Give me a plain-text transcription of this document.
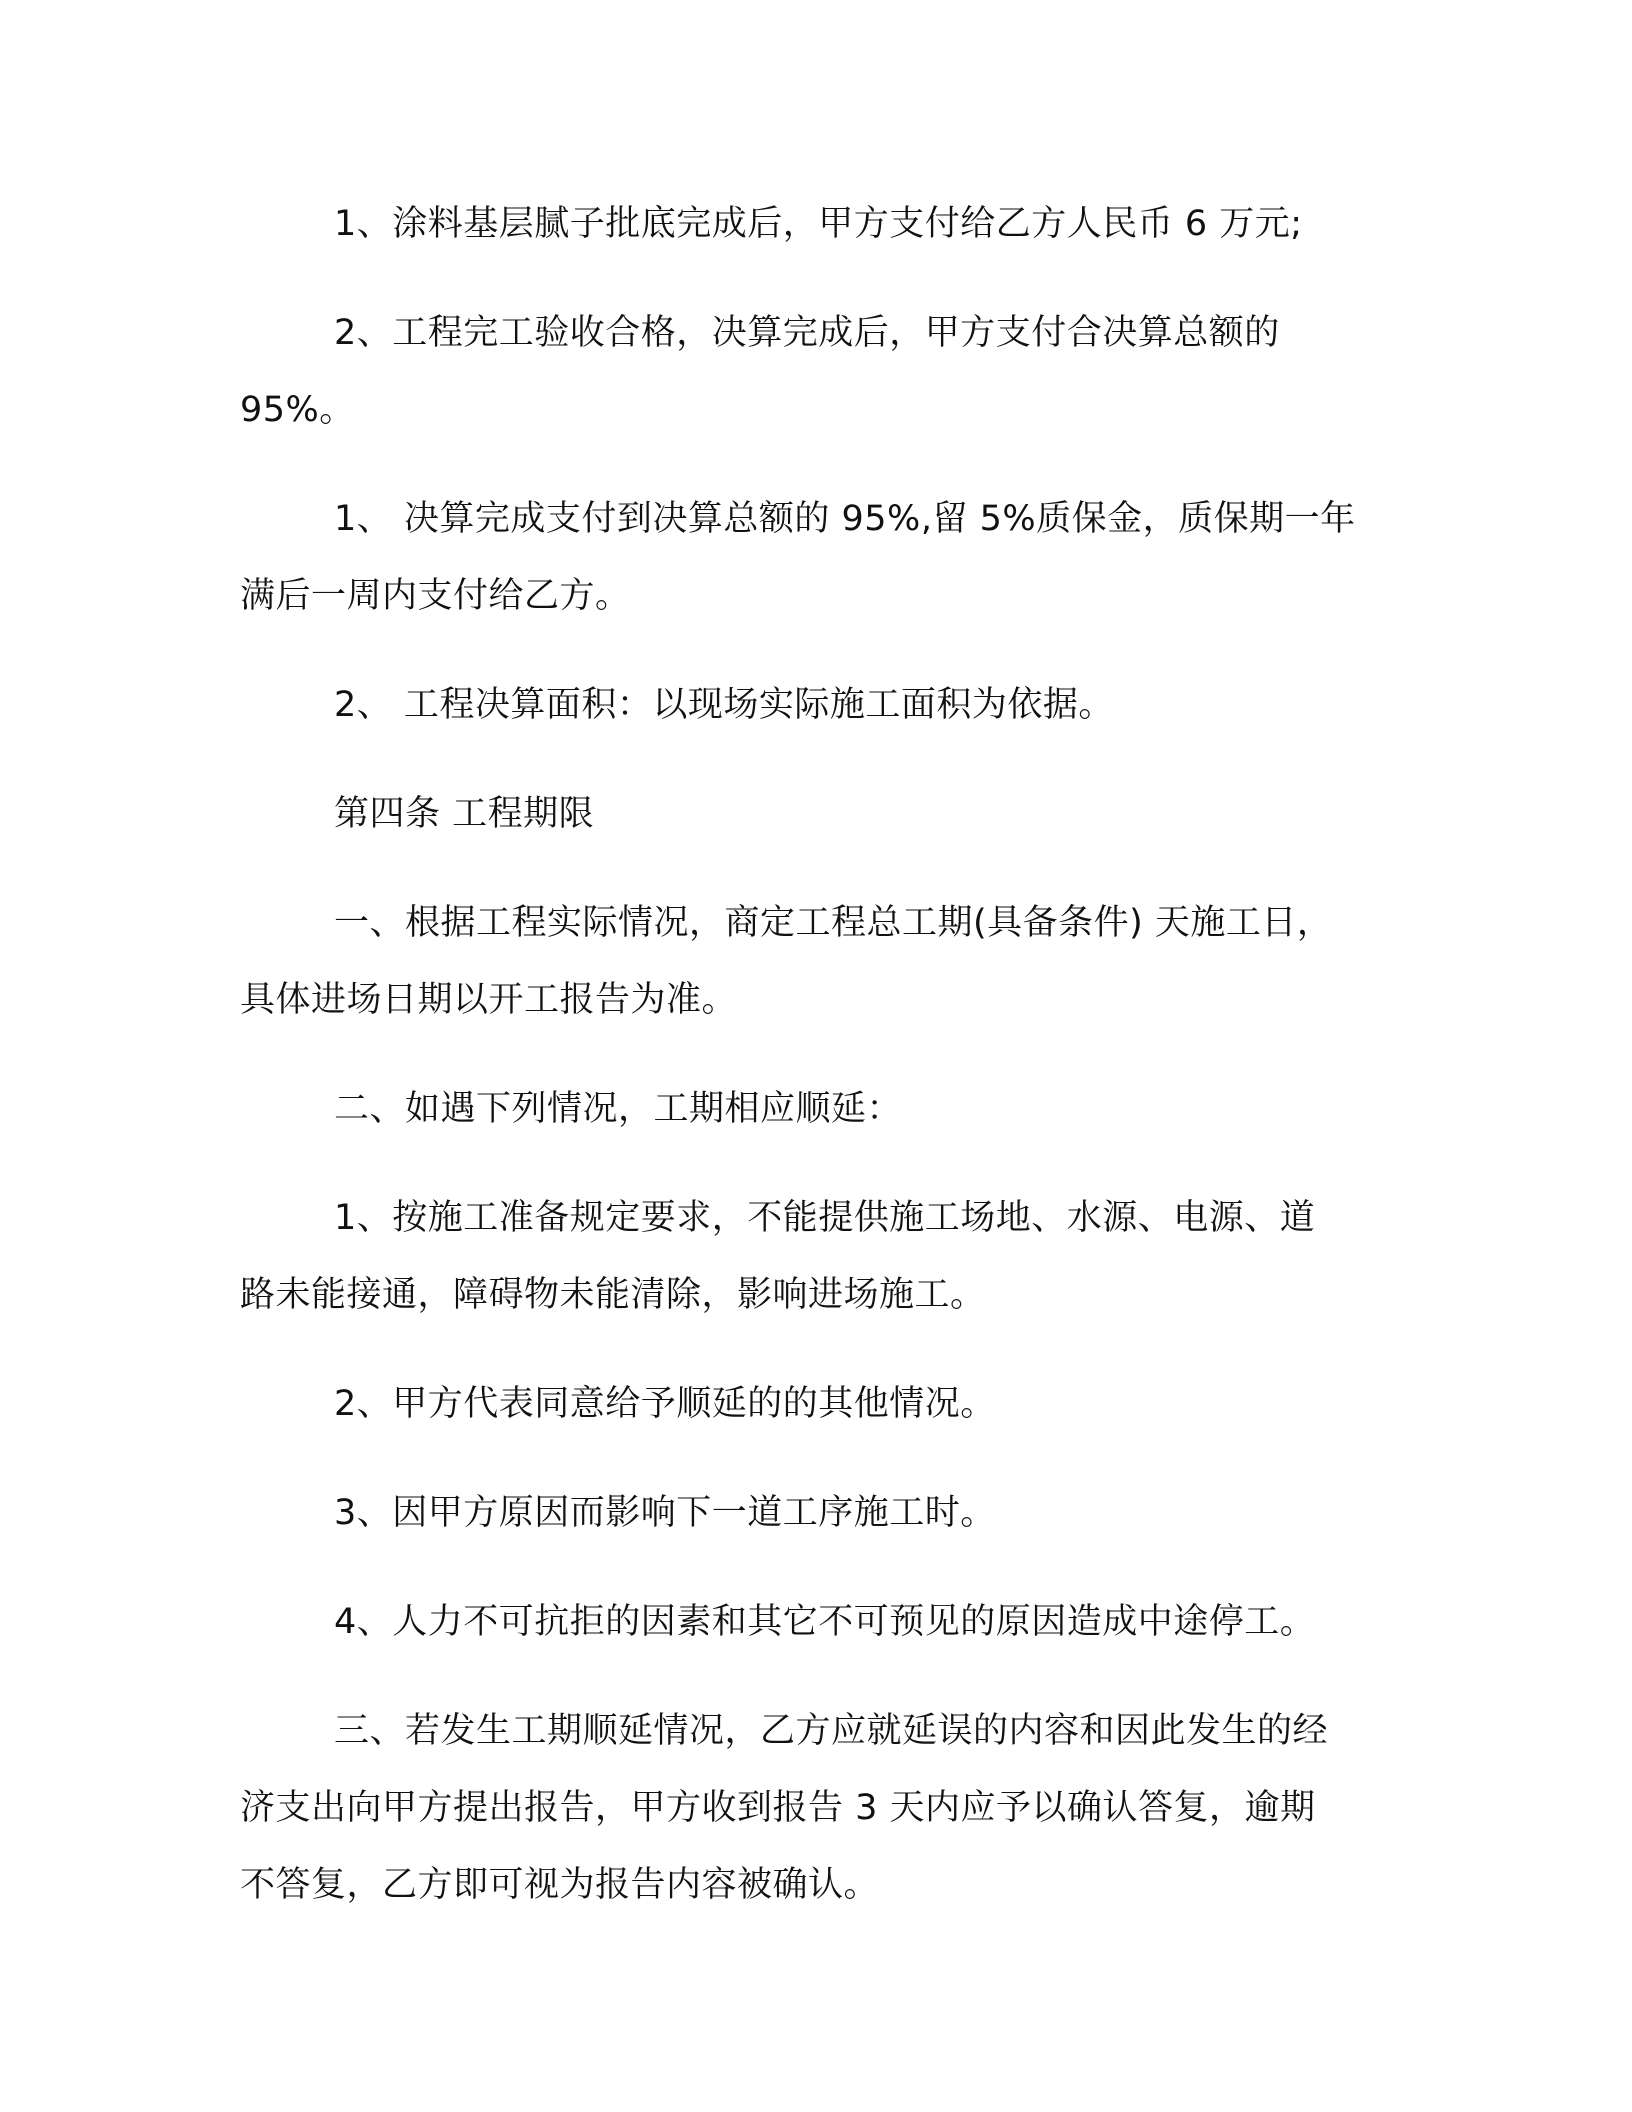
1、涂料基层腻子批底完成后，甲方支付给乙方人民币 6 万元;

2、工程完工验收合格，决算完成后，甲方支付合决算总额的
95%。

1、 决算完成支付到决算总额的 95%,留 5%质保金，质保期一年
满后一周内支付给乙方。

2、 工程决算面积：以现场实际施工面积为依据。

第四条 工程期限

一、根据工程实际情况，商定工程总工期(具备条件) 天施工日，
具体进场日期以开工报告为准。

二、如遇下列情况，工期相应顺延：

1、按施工准备规定要求，不能提供施工场地、水源、电源、道
路未能接通，障碍物未能清除，影响进场施工。

2、甲方代表同意给予顺延的的其他情况。

3、因甲方原因而影响下一道工序施工时。

4、人力不可抗拒的因素和其它不可预见的原因造成中途停工。

三、若发生工期顺延情况，乙方应就延误的内容和因此发生的经
济支出向甲方提出报告，甲方收到报告 3 天内应予以确认答复，逾期
不答复，乙方即可视为报告内容被确认。
